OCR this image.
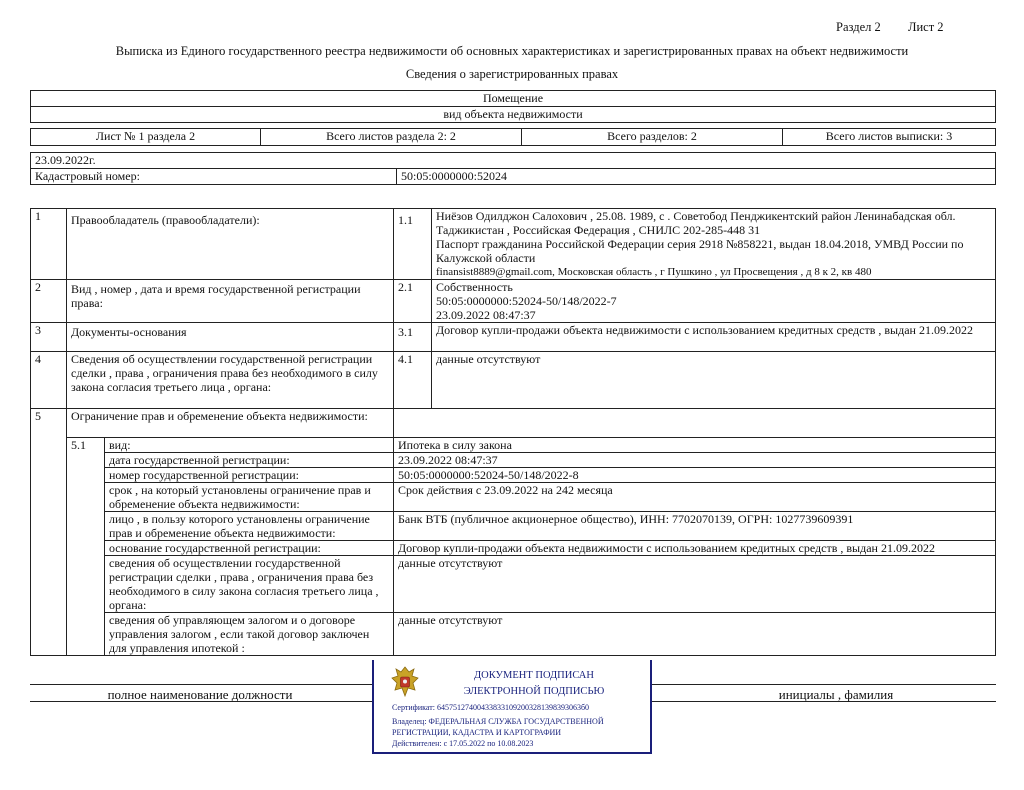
Раздел 2 Лист 2
Выписка из Единого государственного реестра недвижимости об основных характеристиках и зарегистрированных правах на объект недвижимости
Сведения о зарегистрированных правах
Помещение
вид объекта недвижимости
Лист № 1 раздела 2	Всего листов раздела 2: 2	Всего разделов: 2	Всего листов выписки: 3
23.09.2022г.
Кадастровый номер:	50:05:0000000:52024
1	Правообладатель (правообладатели):		1.1	Ниёзов Одилджон Салохович , 25.08. 1989, с . Советобод Пенджикентский район Ленинабадская обл. Таджикистан , Российская Федерация , СНИЛС 202-285-448 31
Паспорт гражданина Российской Федерации серия 2918 №858221, выдан 18.04.2018, УМВД России по Калужской области
finansist8889@gmail.com, Московская область , г Пушкино , ул Просвещения , д 8 к 2, кв 480

2	Вид , номер , дата и время государственной регистрации права:		2.1	Собственность
50:05:0000000:52024-50/148/2022-7
23.09.2022 08:47:37

3	Документы-основания		3.1	Договор купли-продажи объекта недвижимости с использованием кредитных средств , выдан 21.09.2022
4	Сведения об осуществлении государственной регистрации сделки , права , ограничения права без необходимого в силу закона согласия третьего лица , органа:		4.1	данные отсутствуют
5	Ограничение прав и обременение объекта недвижимости:			
	5.1	вид:	Ипотека в силу закона	
		дата государственной регистрации:	23.09.2022 08:47:37	
		номер государственной регистрации:	50:05:0000000:52024-50/148/2022-8	
		срок , на который установлены ограничение прав и обременение объекта недвижимости:	Срок действия с 23.09.2022 на 242 месяца	
		лицо , в пользу которого установлены ограничение прав и обременение объекта недвижимости:	Банк ВТБ (публичное акционерное общество), ИНН: 7702070139, ОГРН: 1027739609391	
		основание государственной регистрации:	Договор купли-продажи объекта недвижимости с использованием кредитных средств , выдан 21.09.2022	
		сведения об осуществлении государственной регистрации сделки , права , ограничения права без необходимого в силу закона согласия третьего лица , органа:	данные отсутствуют	
		сведения об управляющем залогом и о договоре управления залогом , если такой договор заключен для управления ипотекой :	данные отсутствуют	
полное наименование должности	инициалы , фамилия
ДОКУМЕНТ ПОДПИСАН
ЭЛЕКТРОННОЙ ПОДПИСЬЮ
Сертификат: 645751274004338331092003281398393063б0
Владелец: ФЕДЕРАЛЬНАЯ СЛУЖБА ГОСУДАРСТВЕННОЙ РЕГИСТРАЦИИ, КАДАСТРА И КАРТОГРАФИИ
Действителен: с 17.05.2022 по 10.08.2023
